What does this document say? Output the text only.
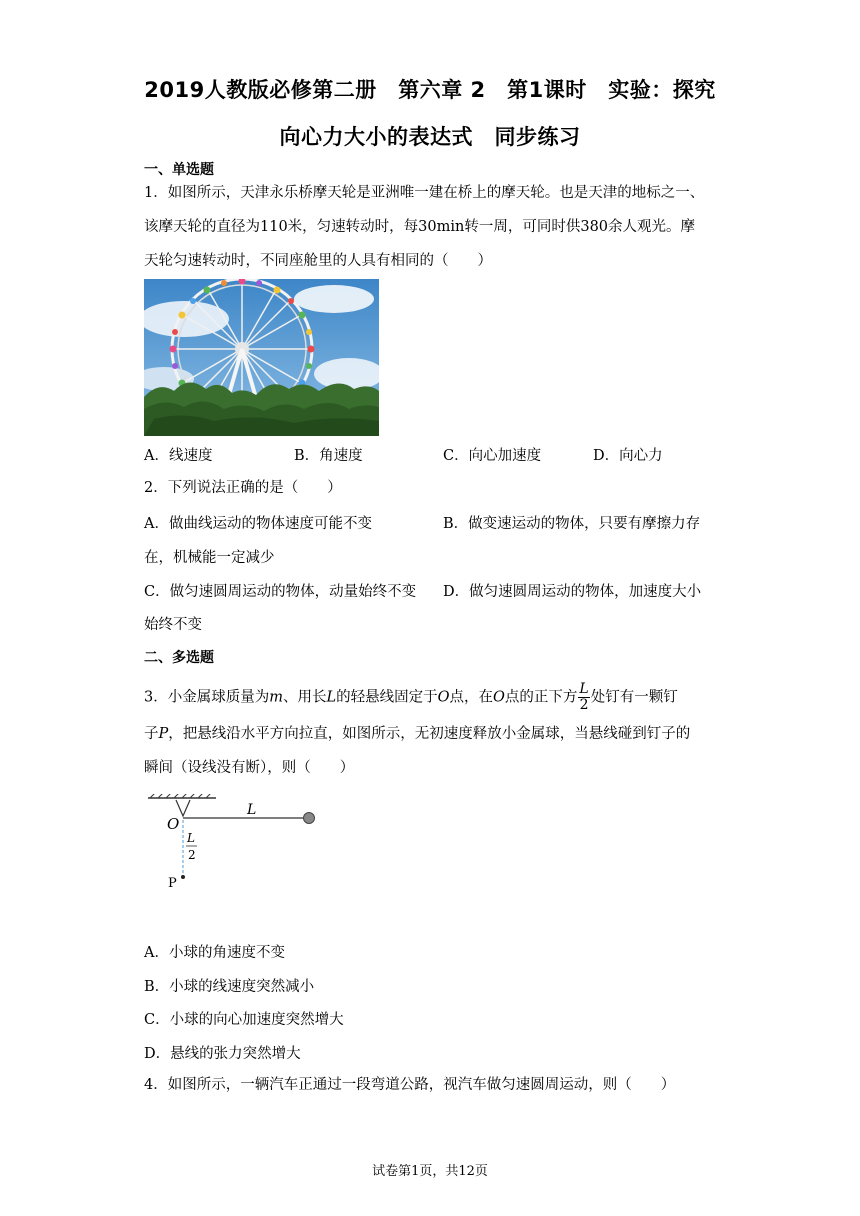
2019人教版必修第二册　第六章 2　第1课时　实验：探究
向心力大小的表达式　同步练习
一、单选题
1．如图所示，天津永乐桥摩天轮是亚洲唯一建在桥上的摩天轮。也是天津的地标之一、
该摩天轮的直径为110米，匀速转动时，每30min转一周，可同时供380余人观光。摩
天轮匀速转动时，不同座舱里的人具有相同的（　　）
A．线速度	B．角速度	C．向心加速度	D．向心力
2．下列说法正确的是（　　）
A．做曲线运动的物体速度可能不变	B．做变速运动的物体，只要有摩擦力存
在，机械能一定减少
C．做匀速圆周运动的物体，动量始终不变 D．做匀速圆周运动的物体，加速度大小
始终不变
二、多选题
3．小金属球质量为m、用长L的轻悬线固定于O点，在O点的正下方 $\frac{L}{2}$ 处钉有一颗钉
子P，把悬线沿水平方向拉直，如图所示，无初速度释放小金属球，当悬线碰到钉子的
瞬间（设线没有断），则（　　）
O
L
L
2
P
A．小球的角速度不变
B．小球的线速度突然减小
C．小球的向心加速度突然增大
D．悬线的张力突然增大
4．如图所示，一辆汽车正通过一段弯道公路，视汽车做匀速圆周运动，则（　　）
试卷第1页，共12页
